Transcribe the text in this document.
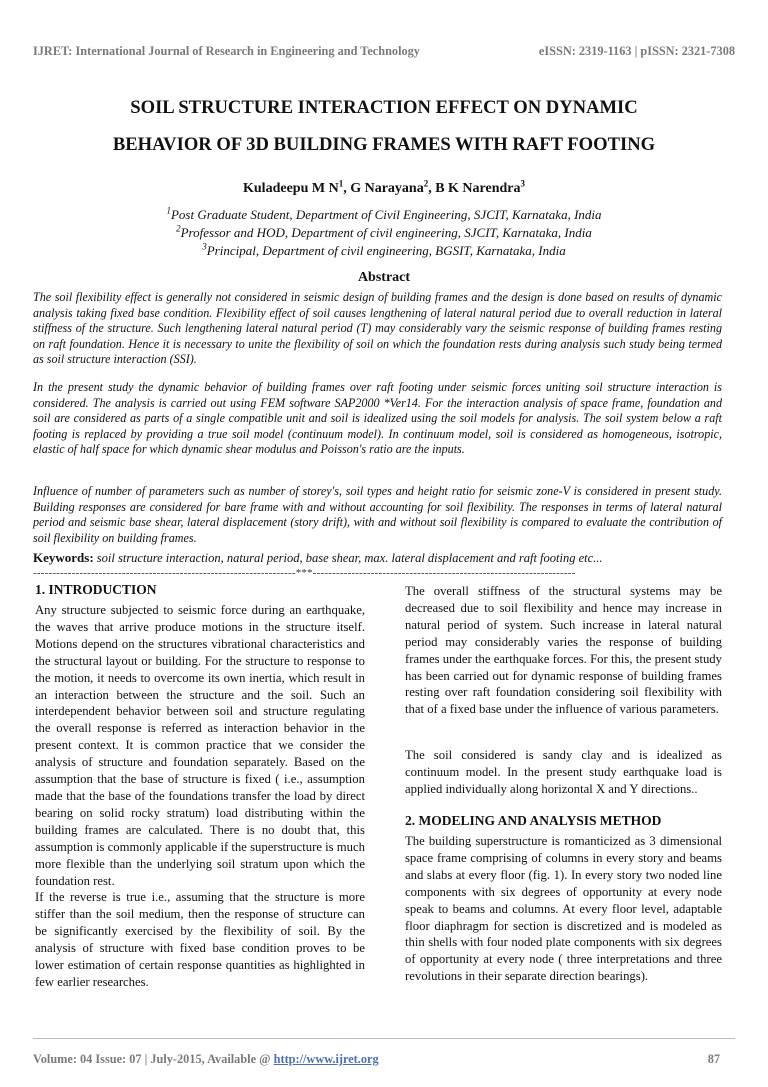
IJRET: International Journal of Research in Engineering and Technology	eISSN: 2319-1163 | pISSN: 2321-7308
SOIL STRUCTURE INTERACTION EFFECT ON DYNAMIC
BEHAVIOR OF 3D BUILDING FRAMES WITH RAFT FOOTING
Kuladeepu M $N^1$, G Narayana$^2$, B K Narendra$^3$
$^1$Post Graduate Student, Department of Civil Engineering, SJCIT, Karnataka, India
$^2$Professor and HOD, Department of civil engineering, SJCIT, Karnataka, India
$^3$Principal, Department of civil engineering, BGSIT, Karnataka, India
Abstract

The soil flexibility effect is generally not considered in seismic design of building frames and the design is done based on results of dynamic analysis taking fixed base condition. Flexibility effect of soil causes lengthening of lateral natural period due to overall reduction in lateral stiffness of the structure. Such lengthening lateral natural period (T) may considerably vary the seismic response of building frames resting on raft foundation. Hence it is necessary to unite the flexibility of soil on which the foundation rests during analysis such study being termed as soil structure interaction (SSI).

In the present study the dynamic behavior of building frames over raft footing under seismic forces uniting soil structure interaction is considered. The analysis is carried out using FEM software SAP2000 *Ver14. For the interaction analysis of space frame, foundation and soil are considered as parts of a single compatible unit and soil is idealized using the soil models for analysis. The soil system below a raft footing is replaced by providing a true soil model (continuum model). In continuum model, soil is considered as homogeneous, isotropic, elastic of half space for which dynamic shear modulus and Poisson's ratio are the inputs.

Influence of number of parameters such as number of storey's, soil types and height ratio for seismic zone-V is considered in present study. Building responses are considered for bare frame with and without accounting for soil flexibility. The responses in terms of lateral natural period and seismic base shear, lateral displacement (story drift), with and without soil flexibility is compared to evaluate the contribution of soil flexibility on building frames.

Keywords: soil structure interaction, natural period, base shear, max. lateral displacement and raft footing etc...
--------------------------------------------------------------------***--------------------------------------------------------------------
1. INTRODUCTION

Any structure subjected to seismic force during an earthquake, the waves that arrive produce motions in the structure itself. Motions depend on the structures vibrational characteristics and the structural layout or building. For the structure to response to the motion, it needs to overcome its own inertia, which result in an interaction between the structure and the soil. Such an interdependent behavior between soil and structure regulating the overall response is referred as interaction behavior in the present context. It is common practice that we consider the analysis of structure and foundation separately. Based on the assumption that the base of structure is fixed ( i.e., assumption made that the base of the foundations transfer the load by direct bearing on solid rocky stratum) load distributing within the building frames are calculated. There is no doubt that, this assumption is commonly applicable if the superstructure is much more flexible than the underlying soil stratum upon which the foundation rest.

If the reverse is true i.e., assuming that the structure is more stiffer than the soil medium, then the response of structure can be significantly exercised by the flexibility of soil. By the analysis of structure with fixed base condition proves to be lower estimation of certain response quantities as highlighted in few earlier researches.

The overall stiffness of the structural systems may be decreased due to soil flexibility and hence may increase in natural period of system. Such increase in lateral natural period may considerably varies the response of building frames under the earthquake forces. For this, the present study has been carried out for dynamic response of building frames resting over raft foundation considering soil flexibility with that of a fixed base under the influence of various parameters.

The soil considered is sandy clay and is idealized as continuum model. In the present study earthquake load is applied individually along horizontal X and Y directions..

2. MODELING AND ANALYSIS METHOD

The building superstructure is romanticized as 3 dimensional space frame comprising of columns in every story and beams and slabs at every floor (fig. 1). In every story two noded line components with six degrees of opportunity at every node speak to beams and columns. At every floor level, adaptable floor diaphragm for section is discretized and is modeled as thin shells with four noded plate components with six degrees of opportunity at every node ( three interpretations and three revolutions in their separate direction bearings).

Volume: 04 Issue: 07 | July-2015, Available @ http://www.ijret.org	87
